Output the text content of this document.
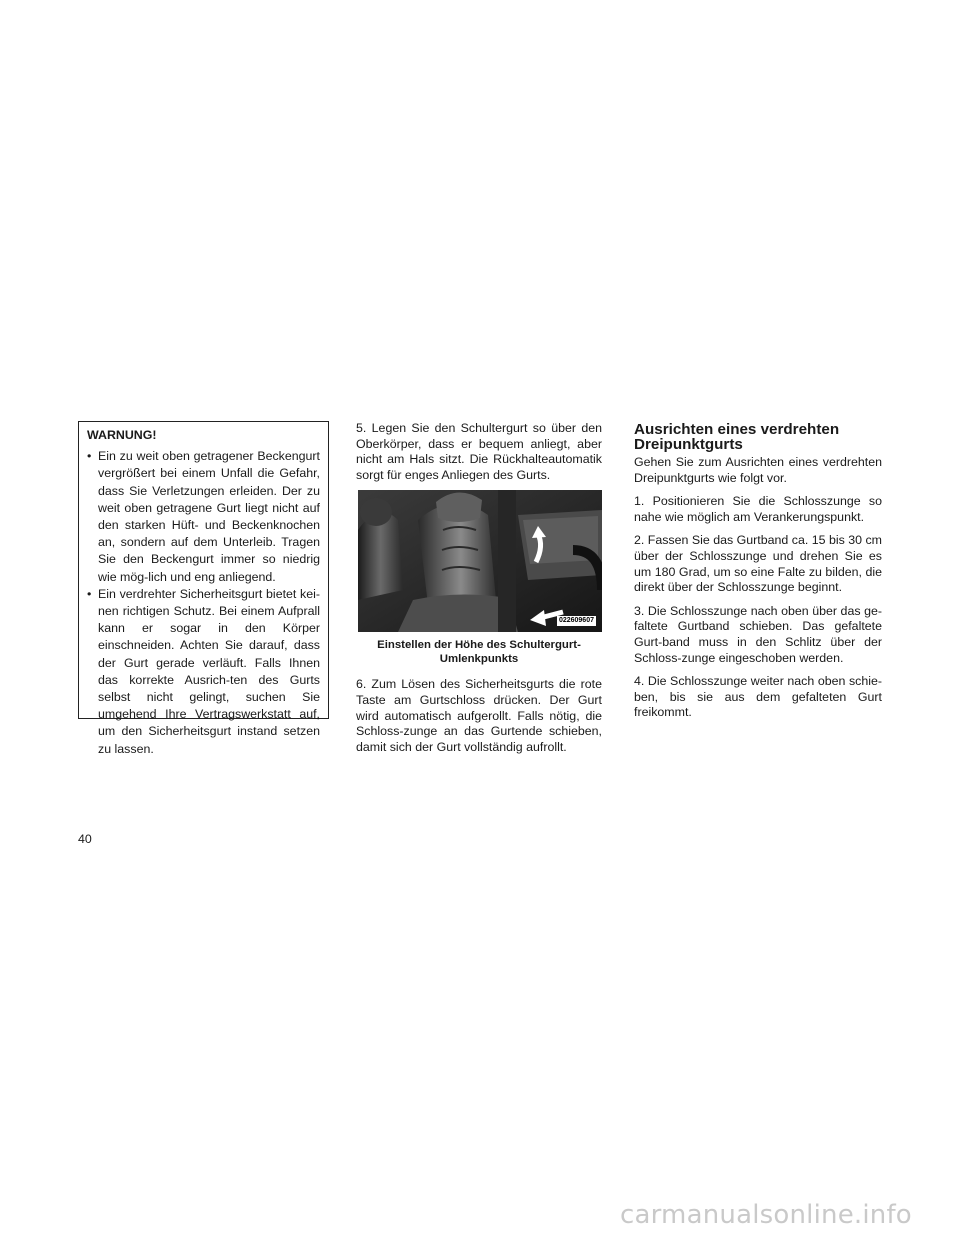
WARNUNG!
• Ein zu weit oben getragener Beckengurt vergrößert bei einem Unfall die Gefahr, dass Sie Verletzungen erleiden. Der zu weit oben getragene Gurt liegt nicht auf den starken Hüft- und Beckenknochen an, sondern auf dem Unterleib. Tragen Sie den Beckengurt immer so niedrig wie mög-lich und eng anliegend.
• Ein verdrehter Sicherheitsgurt bietet kei-nen richtigen Schutz. Bei einem Aufprall kann er sogar in den Körper einschneiden. Achten Sie darauf, dass der Gurt gerade verläuft. Falls Ihnen das korrekte Ausrich-ten des Gurts selbst nicht gelingt, suchen Sie umgehend Ihre Vertragswerkstatt auf, um den Sicherheitsgurt instand setzen zu lassen.

5. Legen Sie den Schultergurt so über den Oberkörper, dass er bequem anliegt, aber nicht am Hals sitzt. Die Rückhalteautomatik sorgt für enges Anliegen des Gurts.

022609607
Einstellen der Höhe des Schultergurt- Umlenkpunkts

6. Zum Lösen des Sicherheitsgurts die rote Taste am Gurtschloss drücken. Der Gurt wird automatisch aufgerollt. Falls nötig, die Schloss-zunge an das Gurtende schieben, damit sich der Gurt vollständig aufrollt.

Ausrichten eines verdrehten Dreipunktgurts

Gehen Sie zum Ausrichten eines verdrehten Dreipunktgurts wie folgt vor.

1. Positionieren Sie die Schlosszunge so nahe wie möglich am Verankerungspunkt.

2. Fassen Sie das Gurtband ca. 15 bis 30 cm über der Schlosszunge und drehen Sie es um 180 Grad, um so eine Falte zu bilden, die direkt über der Schlosszunge beginnt.

3. Die Schlosszunge nach oben über das ge-faltete Gurtband schieben. Das gefaltete Gurt-band muss in den Schlitz über der Schloss-zunge eingeschoben werden.

4. Die Schlosszunge weiter nach oben schie-ben, bis sie aus dem gefalteten Gurt freikommt.

40
carmanualsonline.info
